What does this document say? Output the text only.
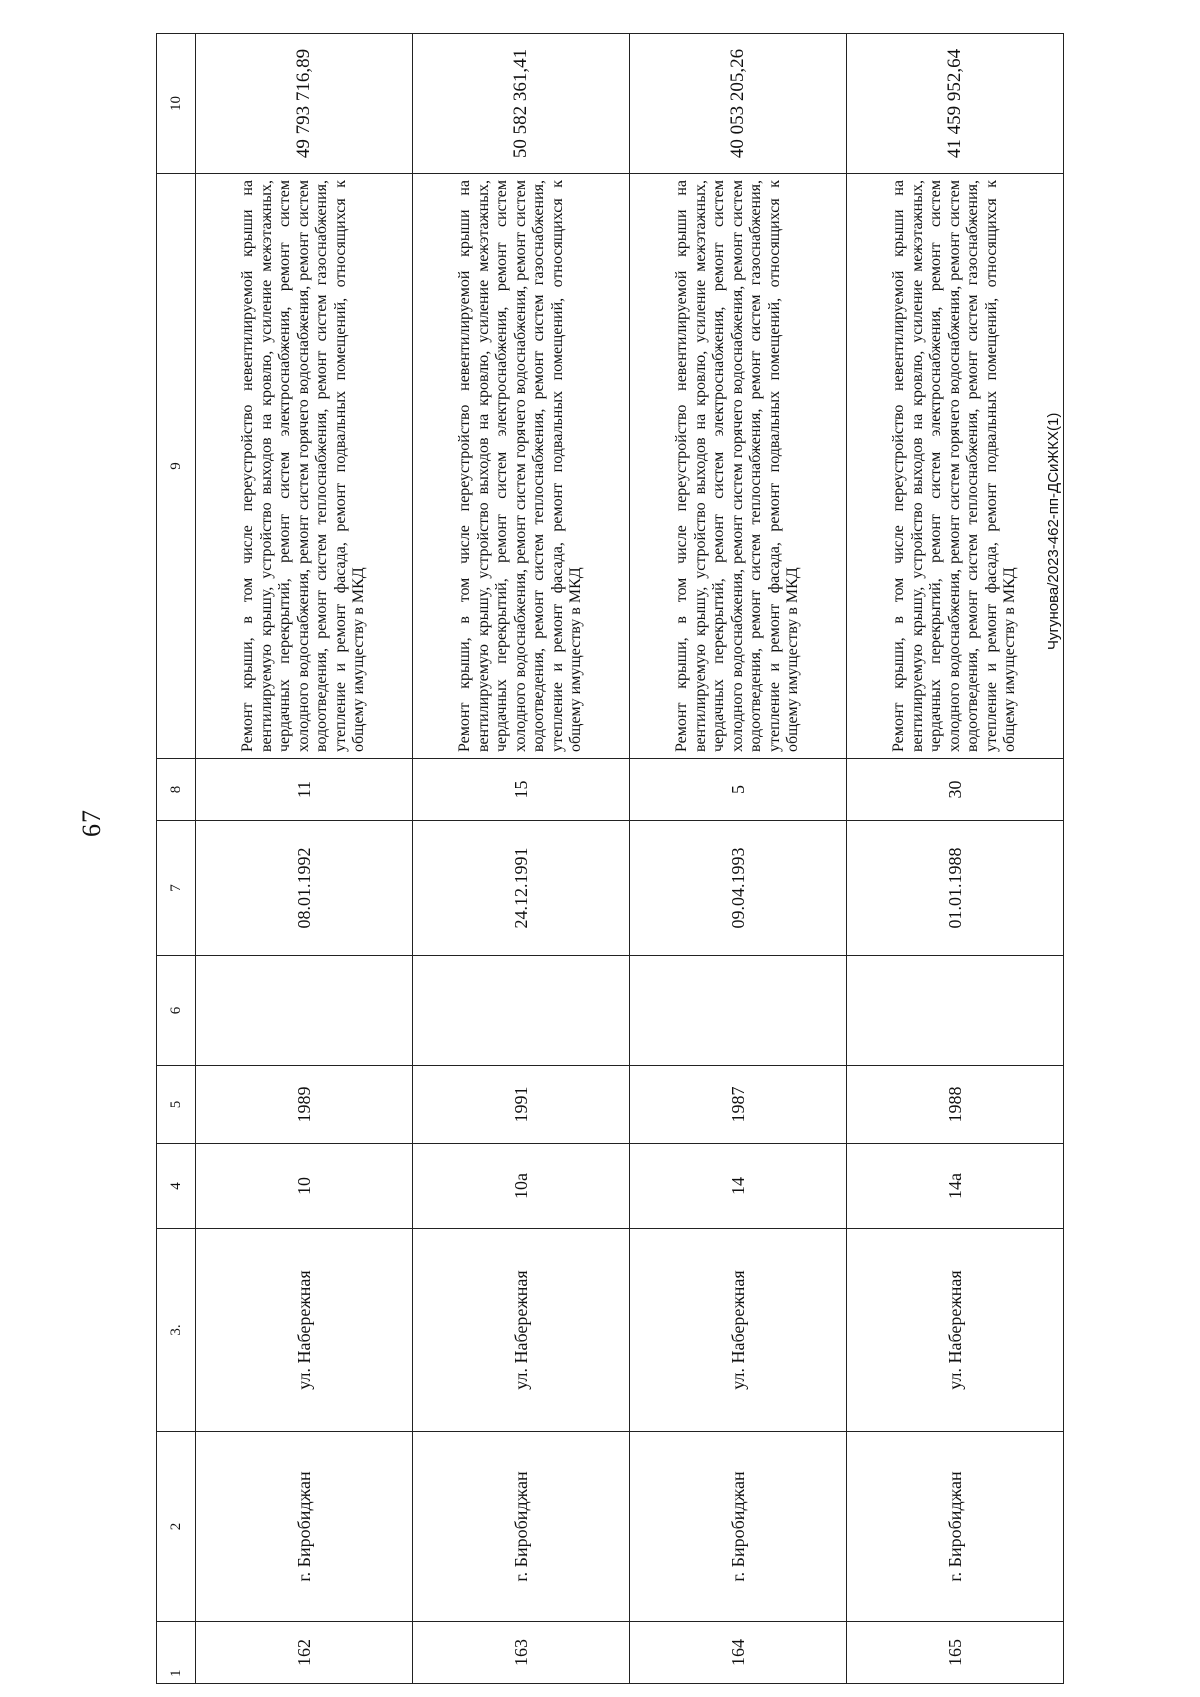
67
Чугунова/2023-462-пп-ДСиЖКХ(1)
1	2	3.	4	5	6	7	8	9	10
162	г. Биробиджан	ул. Набережная	10	1989		08.01.1992	11	Ремонт крыши, в том числе переустройство невентилируемой крыши на вентилируемую крышу, устройство выходов на кровлю, усиление межэтажных, чердачных перекрытий, ремонт систем электроснабжения, ремонт систем холодного водоснабжения, ремонт систем горячего водоснабжения, ремонт систем водоотведения, ремонт систем теплоснабжения, ремонт систем газоснабжения, утепление и ремонт фасада, ремонт подвальных помещений, относящихся к общему имуществу в МКД	49 793 716,89
163	г. Биробиджан	ул. Набережная	10а	1991		24.12.1991	15	Ремонт крыши, в том числе переустройство невентилируемой крыши на вентилируемую крышу, устройство выходов на кровлю, усиление межэтажных, чердачных перекрытий, ремонт систем электроснабжения, ремонт систем холодного водоснабжения, ремонт систем горячего водоснабжения, ремонт систем водоотведения, ремонт систем теплоснабжения, ремонт систем газоснабжения, утепление и ремонт фасада, ремонт подвальных помещений, относящихся к общему имуществу в МКД	50 582 361,41
164	г. Биробиджан	ул. Набережная	14	1987		09.04.1993	5	Ремонт крыши, в том числе переустройство невентилируемой крыши на вентилируемую крышу, устройство выходов на кровлю, усиление межэтажных, чердачных перекрытий, ремонт систем электроснабжения, ремонт систем холодного водоснабжения, ремонт систем горячего водоснабжения, ремонт систем водоотведения, ремонт систем теплоснабжения, ремонт систем газоснабжения, утепление и ремонт фасада, ремонт подвальных помещений, относящихся к общему имуществу в МКД	40 053 205,26
165	г. Биробиджан	ул. Набережная	14а	1988		01.01.1988	30	Ремонт крыши, в том числе переустройство невентилируемой крыши на вентилируемую крышу, устройство выходов на кровлю, усиление межэтажных, чердачных перекрытий, ремонт систем электроснабжения, ремонт систем холодного водоснабжения, ремонт систем горячего водоснабжения, ремонт систем водоотведения, ремонт систем теплоснабжения, ремонт систем газоснабжения, утепление и ремонт фасада, ремонт подвальных помещений, относящихся к общему имуществу в МКД	41 459 952,64
